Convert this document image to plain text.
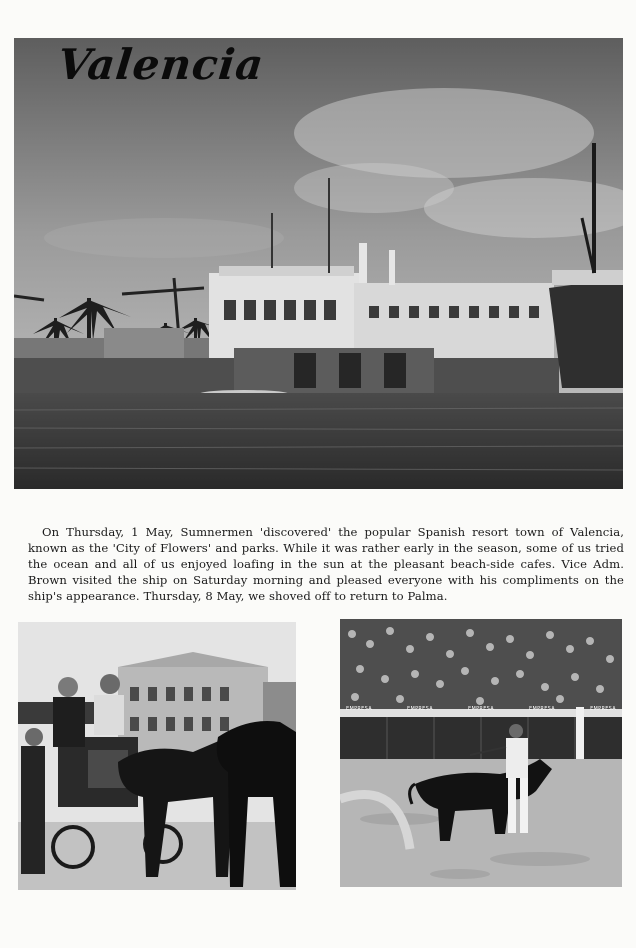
Valencia

On Thursday, 1 May, Sumnermen 'discovered' the popular Spanish resort town of Valencia, known as the 'City of Flowers' and parks. While it was rather early in the season, some of us tried the ocean and all of us enjoyed loafing in the sun at the pleasant beach-side cafes. Vice Adm. Brown visited the ship on Saturday morning and pleased everyone with his compliments on the ship's appearance. Thursday, 8 May, we shoved off to return to Palma.

EMPRESA	EMPRESA	EMPRESA	EMPRESA	EMPRESA
